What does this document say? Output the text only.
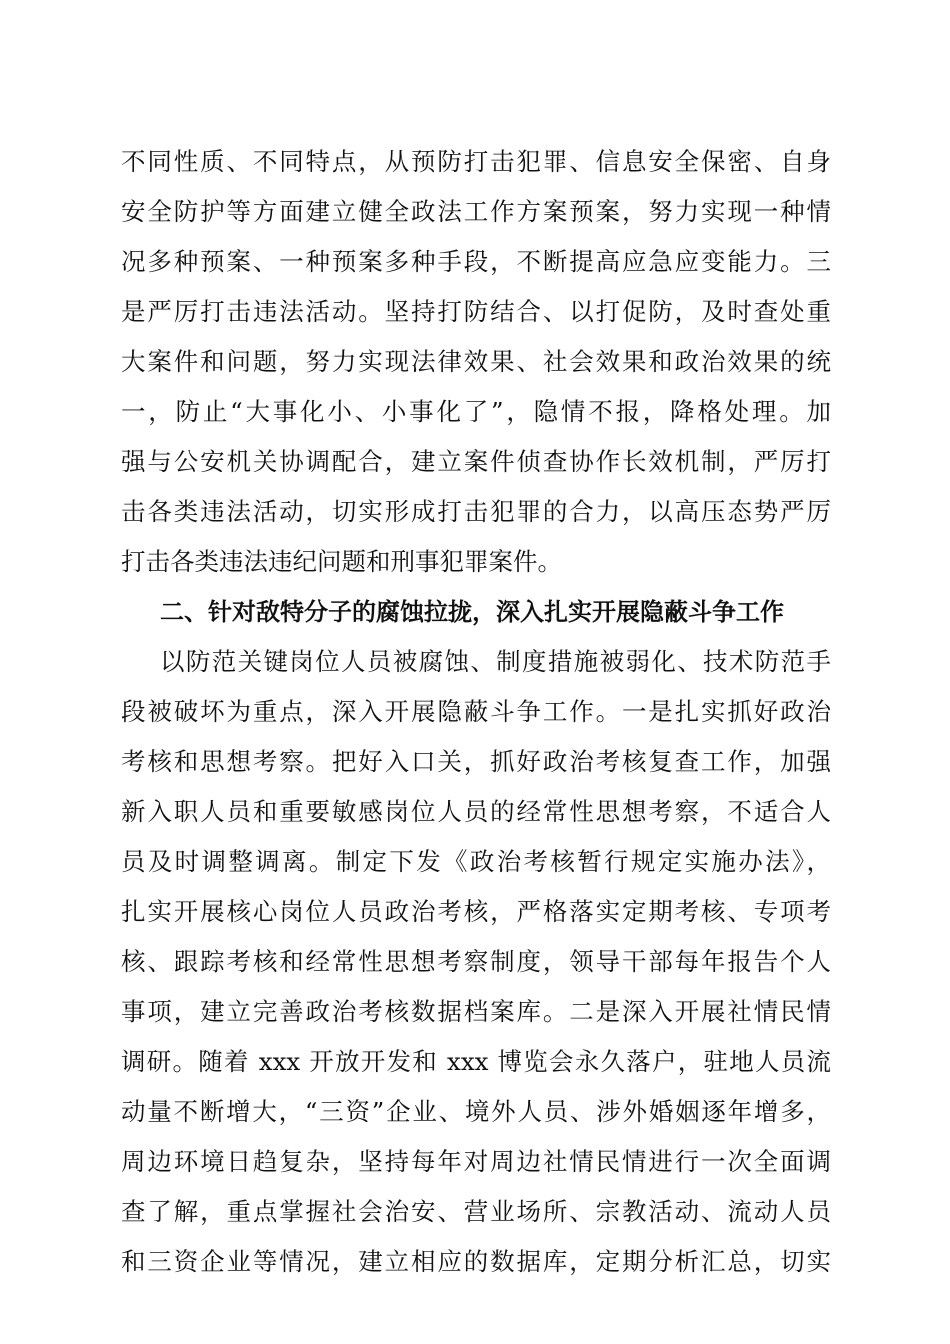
不同性质、不同特点，从预防打击犯罪、信息安全保密、自身
安全防护等方面建立健全政法工作方案预案，努力实现一种情
况多种预案、一种预案多种手段，不断提高应急应变能力。三
是严厉打击违法活动。坚持打防结合、以打促防，及时查处重
大案件和问题，努力实现法律效果、社会效果和政治效果的统
一，防止“大事化小、小事化了”，隐情不报，降格处理。加
强与公安机关协调配合，建立案件侦查协作长效机制，严厉打
击各类违法活动，切实形成打击犯罪的合力，以高压态势严厉
打击各类违法违纪问题和刑事犯罪案件。
二、针对敌特分子的腐蚀拉拢，深入扎实开展隐蔽斗争工作
以防范关键岗位人员被腐蚀、制度措施被弱化、技术防范手
段被破坏为重点，深入开展隐蔽斗争工作。一是扎实抓好政治
考核和思想考察。把好入口关，抓好政治考核复查工作，加强
新入职人员和重要敏感岗位人员的经常性思想考察，不适合人
员及时调整调离。制定下发《政治考核暂行规定实施办法》，
扎实开展核心岗位人员政治考核，严格落实定期考核、专项考
核、跟踪考核和经常性思想考察制度，领导干部每年报告个人
事项，建立完善政治考核数据档案库。二是深入开展社情民情
调研。随着 xxx 开放开发和 xxx 博览会永久落户，驻地人员流
动量不断增大，“三资”企业、境外人员、涉外婚姻逐年增多，
周边环境日趋复杂，坚持每年对周边社情民情进行一次全面调
查了解，重点掌握社会治安、营业场所、宗教活动、流动人员
和三资企业等情况，建立相应的数据库，定期分析汇总，切实
